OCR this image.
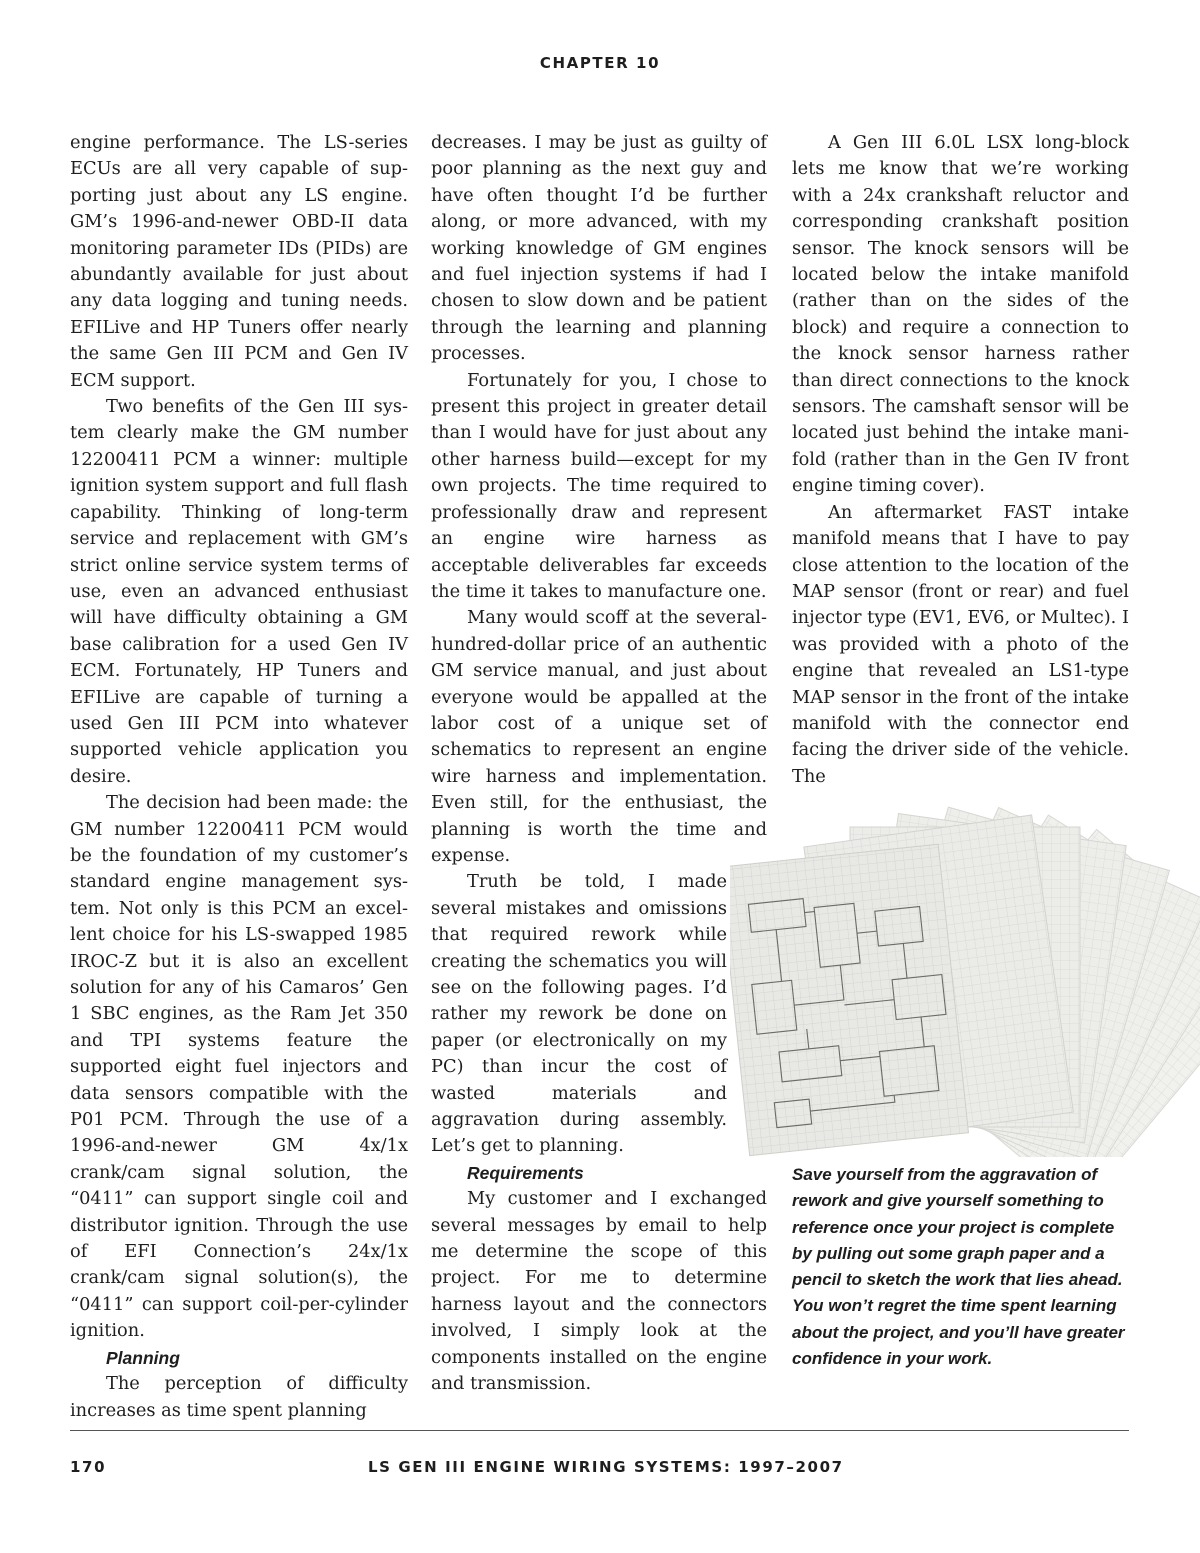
CHAPTER 10

engine performance. The LS-series ECUs are all very capable of supporting just about any LS engine. GM’s 1996-and-newer OBD-II data monitoring parameter IDs (PIDs) are abundantly available for just about any data logging and tuning needs. EFILive and HP Tuners offer nearly the same Gen III PCM and Gen IV ECM support.

Two benefits of the Gen III system clearly make the GM number 12200411 PCM a winner: multiple ignition system support and full flash capability. Thinking of long-term service and replacement with GM’s strict online service system terms of use, even an advanced enthusiast will have difficulty obtaining a GM base calibration for a used Gen IV ECM. Fortunately, HP Tuners and EFILive are capable of turning a used Gen III PCM into whatever supported vehicle application you desire.

The decision had been made: the GM number 12200411 PCM would be the foundation of my customer’s standard engine management system. Not only is this PCM an excellent choice for his LS-swapped 1985 IROC-Z but it is also an excellent solution for any of his Camaros’ Gen 1 SBC engines, as the Ram Jet 350 and TPI systems feature the supported eight fuel injectors and data sensors compatible with the P01 PCM. Through the use of a 1996-and-newer GM 4x/1x crank/cam signal solution, the “0411” can support single coil and distributor ignition. Through the use of EFI Connection’s 24x/1x crank/cam signal solution(s), the “0411” can support coil-per-cylinder ignition.

Planning

The perception of difficulty increases as time spent planning

decreases. I may be just as guilty of poor planning as the next guy and have often thought I’d be further along, or more advanced, with my working knowledge of GM engines and fuel injection systems if had I chosen to slow down and be patient through the learning and planning processes.

Fortunately for you, I chose to present this project in greater detail than I would have for just about any other harness build—except for my own projects. The time required to professionally draw and represent an engine wire harness as acceptable deliverables far exceeds the time it takes to manufacture one.

Many would scoff at the several-hundred-dollar price of an authentic GM service manual, and just about everyone would be appalled at the labor cost of a unique set of schematics to represent an engine wire harness and implementation. Even still, for the enthusiast, the planning is worth the time and expense.

Truth be told, I made several mistakes and omissions that required rework while creating the schematics you will see on the following pages. I’d rather my rework be done on paper (or electronically on my PC) than incur the cost of wasted materials and aggravation during assembly. Let’s get to planning.

Requirements

My customer and I exchanged several messages by email to help me determine the scope of this project. For me to determine harness layout and the connectors involved, I simply look at the components installed on the engine and transmission.

A Gen III 6.0L LSX long-block lets me know that we’re working with a 24x crankshaft reluctor and corresponding crankshaft position sensor. The knock sensors will be located below the intake manifold (rather than on the sides of the block) and require a connection to the knock sensor harness rather than direct connections to the knock sensors. The camshaft sensor will be located just behind the intake manifold (rather than in the Gen IV front engine timing cover).

An aftermarket FAST intake manifold means that I have to pay close attention to the location of the MAP sensor (front or rear) and fuel injector type (EV1, EV6, or Multec). I was provided with a photo of the engine that revealed an LS1-type MAP sensor in the front of the intake manifold with the connector end facing the driver side of the vehicle. The

Save yourself from the aggravation of rework and give yourself something to reference once your project is complete by pulling out some graph paper and a pencil to sketch the work that lies ahead. You won’t regret the time spent learning about the project, and you’ll have greater confidence in your work.
170	LS GEN III ENGINE WIRING SYSTEMS: 1997–2007
